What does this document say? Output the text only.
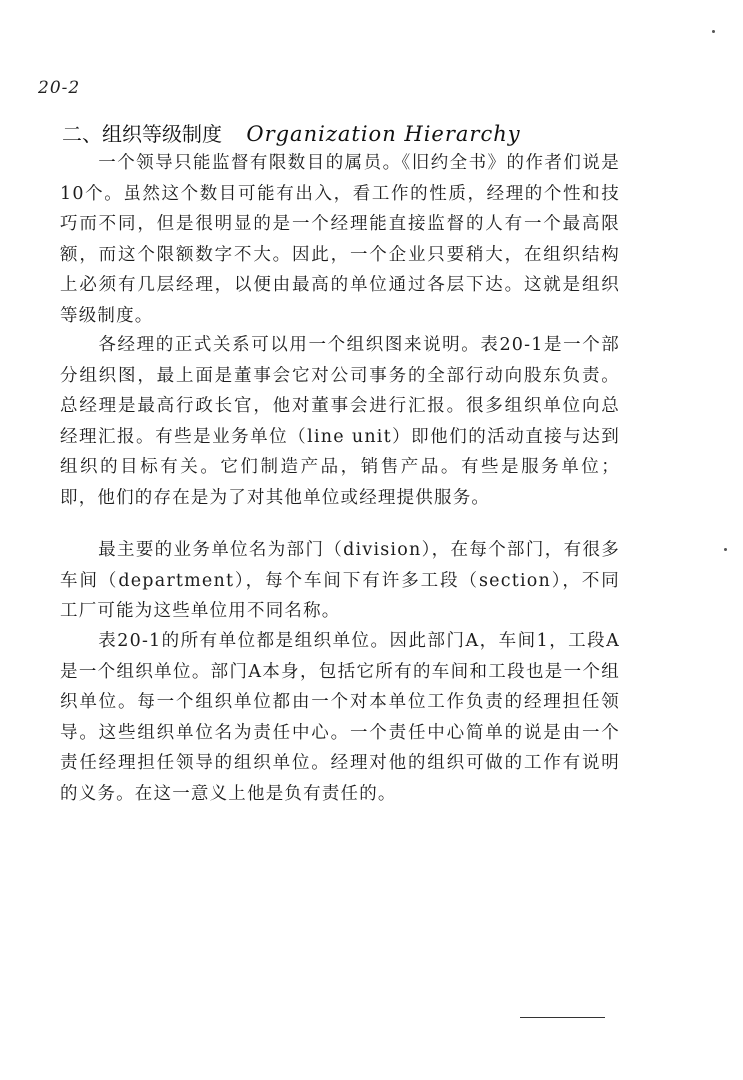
20-2
二、组织等级制度 Organization Hierarchy
一个领导只能监督有限数目的属员。《旧约全书》的作者们说是10个。虽然这个数目可能有出入，看工作的性质，经理的个性和技巧而不同，但是很明显的是一个经理能直接监督的人有一个最高限额，而这个限额数字不大。因此，一个企业只要稍大，在组织结构上必须有几层经理，以便由最高的单位通过各层下达。这就是组织等级制度。
各经理的正式关系可以用一个组织图来说明。表20-1是一个部分组织图，最上面是董事会它对公司事务的全部行动向股东负责。总经理是最高行政长官，他对董事会进行汇报。很多组织单位向总经理汇报。有些是业务单位（line unit）即他们的活动直接与达到组织的目标有关。它们制造产品，销售产品。有些是服务单位；即，他们的存在是为了对其他单位或经理提供服务。
最主要的业务单位名为部门（division），在每个部门，有很多车间（department），每个车间下有许多工段（section），不同工厂可能为这些单位用不同名称。
表20-1的所有单位都是组织单位。因此部门A，车间1，工段A是一个组织单位。部门A本身，包括它所有的车间和工段也是一个组织单位。每一个组织单位都由一个对本单位工作负责的经理担任领导。这些组织单位名为责任中心。一个责任中心简单的说是由一个责任经理担任领导的组织单位。经理对他的组织可做的工作有说明的义务。在这一意义上他是负有责任的。
